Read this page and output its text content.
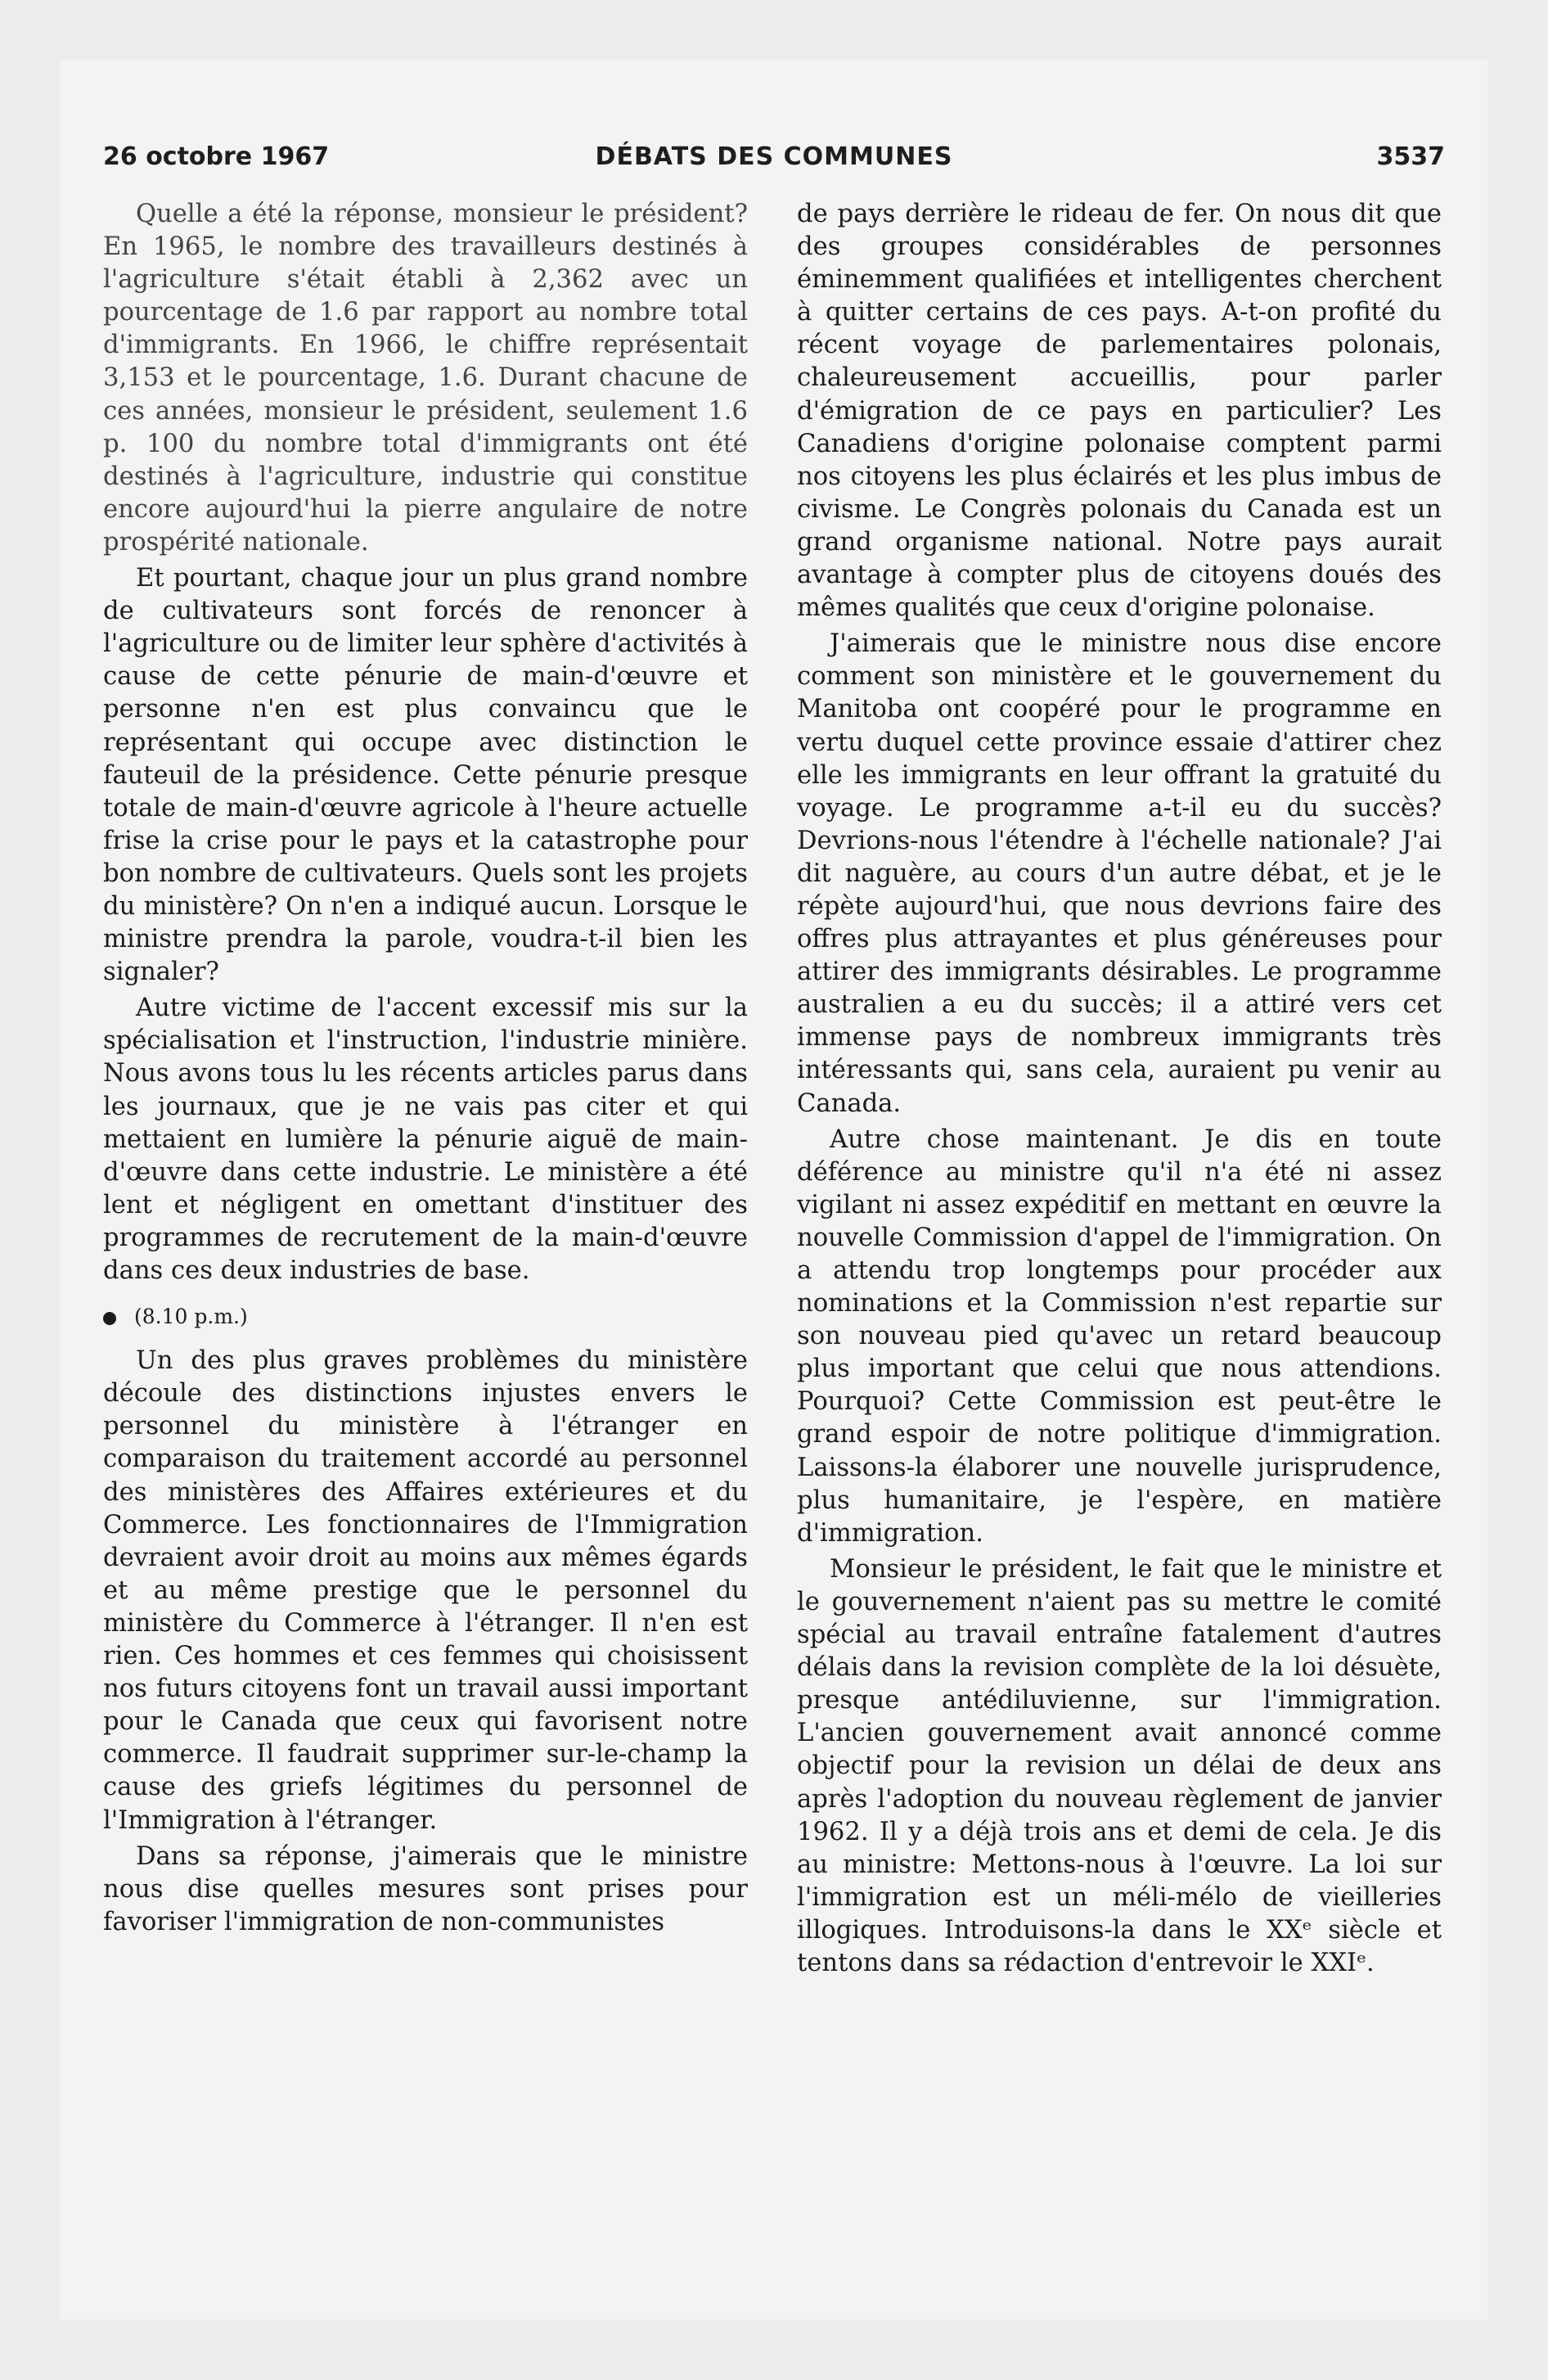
26 octobre 1967	DÉBATS DES COMMUNES	3537

Quelle a été la réponse, monsieur le président? En 1965, le nombre des travailleurs destinés à l'agriculture s'était établi à 2,362 avec un pourcentage de 1.6 par rapport au nombre total d'immigrants. En 1966, le chiffre représentait 3,153 et le pourcentage, 1.6. Durant chacune de ces années, monsieur le président, seulement 1.6 p. 100 du nombre total d'immigrants ont été destinés à l'agriculture, industrie qui constitue encore aujourd'hui la pierre angulaire de notre prospérité nationale.

Et pourtant, chaque jour un plus grand nombre de cultivateurs sont forcés de renoncer à l'agriculture ou de limiter leur sphère d'activités à cause de cette pénurie de main-d'œuvre et personne n'en est plus convaincu que le représentant qui occupe avec distinction le fauteuil de la présidence. Cette pénurie presque totale de main-d'œuvre agricole à l'heure actuelle frise la crise pour le pays et la catastrophe pour bon nombre de cultivateurs. Quels sont les projets du ministère? On n'en a indiqué aucun. Lorsque le ministre prendra la parole, voudra-t-il bien les signaler?

Autre victime de l'accent excessif mis sur la spécialisation et l'instruction, l'industrie minière. Nous avons tous lu les récents articles parus dans les journaux, que je ne vais pas citer et qui mettaient en lumière la pénurie aiguë de main-d'œuvre dans cette industrie. Le ministère a été lent et négligent en omettant d'instituer des programmes de recrutement de la main-d'œuvre dans ces deux industries de base.

(8.10 p.m.)

Un des plus graves problèmes du ministère découle des distinctions injustes envers le personnel du ministère à l'étranger en comparaison du traitement accordé au personnel des ministères des Affaires extérieures et du Commerce. Les fonctionnaires de l'Immigration devraient avoir droit au moins aux mêmes égards et au même prestige que le personnel du ministère du Commerce à l'étranger. Il n'en est rien. Ces hommes et ces femmes qui choisissent nos futurs citoyens font un travail aussi important pour le Canada que ceux qui favorisent notre commerce. Il faudrait supprimer sur-le-champ la cause des griefs légitimes du personnel de l'Immigration à l'étranger.

Dans sa réponse, j'aimerais que le ministre nous dise quelles mesures sont prises pour favoriser l'immigration de non-communistes

de pays derrière le rideau de fer. On nous dit que des groupes considérables de personnes éminemment qualifiées et intelligentes cherchent à quitter certains de ces pays. A-t-on profité du récent voyage de parlementaires polonais, chaleureusement accueillis, pour parler d'émigration de ce pays en particulier? Les Canadiens d'origine polonaise comptent parmi nos citoyens les plus éclairés et les plus imbus de civisme. Le Congrès polonais du Canada est un grand organisme national. Notre pays aurait avantage à compter plus de citoyens doués des mêmes qualités que ceux d'origine polonaise.

J'aimerais que le ministre nous dise encore comment son ministère et le gouvernement du Manitoba ont coopéré pour le programme en vertu duquel cette province essaie d'attirer chez elle les immigrants en leur offrant la gratuité du voyage. Le programme a-t-il eu du succès? Devrions-nous l'étendre à l'échelle nationale? J'ai dit naguère, au cours d'un autre débat, et je le répète aujourd'hui, que nous devrions faire des offres plus attrayantes et plus généreuses pour attirer des immigrants désirables. Le programme australien a eu du succès; il a attiré vers cet immense pays de nombreux immigrants très intéressants qui, sans cela, auraient pu venir au Canada.

Autre chose maintenant. Je dis en toute déférence au ministre qu'il n'a été ni assez vigilant ni assez expéditif en mettant en œuvre la nouvelle Commission d'appel de l'immigration. On a attendu trop longtemps pour procéder aux nominations et la Commission n'est repartie sur son nouveau pied qu'avec un retard beaucoup plus important que celui que nous attendions. Pourquoi? Cette Commission est peut-être le grand espoir de notre politique d'immigration. Laissons-la élaborer une nouvelle jurisprudence, plus humanitaire, je l'espère, en matière d'immigration.

Monsieur le président, le fait que le ministre et le gouvernement n'aient pas su mettre le comité spécial au travail entraîne fatalement d'autres délais dans la revision complète de la loi désuète, presque antédiluvienne, sur l'immigration. L'ancien gouvernement avait annoncé comme objectif pour la revision un délai de deux ans après l'adoption du nouveau règlement de janvier 1962. Il y a déjà trois ans et demi de cela. Je dis au ministre: Mettons-nous à l'œuvre. La loi sur l'immigration est un méli-mélo de vieilleries illogiques. Introduisons-la dans le XXᵉ siècle et tentons dans sa rédaction d'entrevoir le XXIᵉ.
